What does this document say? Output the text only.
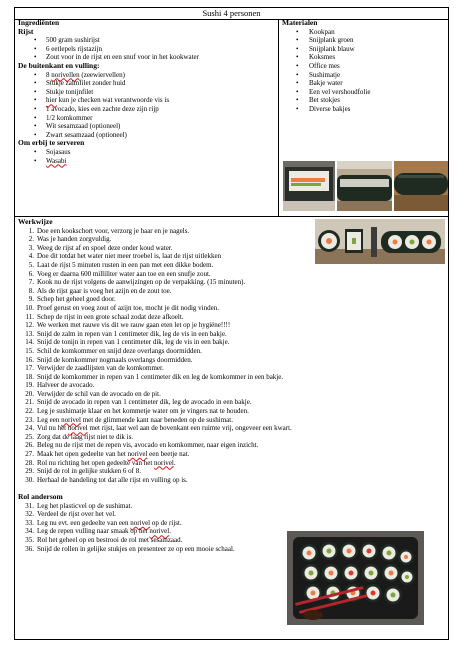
Sushi 4 personen
Ingrediënten
Rijst
• 500 gram sushirijst
• 6 eetlepels rijstazijn
• Zout voor in de rijst en een snuf voor in het kookwater
De buitenkant en vulling:
• 8 norivellen (zeewiervellen)
• Stukje zalmfilet zonder huid
• Stukje tonijnfilet
• hier kun je checken wat verantwoorde vis is
• 1 avocado, kies een zachte deze zijn rijp
• 1/2 komkommer
• Wit sesamzaad (optioneel)
• Zwart sesamzaad (optioneel)
Om erbij te serveren
• Sojasaus
• Wasabi
Materialen
• Kookpan
• Snijplank groen
• Snijplank blauw
• Koksmes
• Office mes
• Sushimatje
• Bakje water
• Een vel vershoudfolie
• Bet stokjes
• Diverse bakjes
Werkwijze
1. Doe een kookschort voor, verzorg je haar en je nagels.
2. Was je handen zorgvuldig.
3. Weeg de rijst af en spoel deze onder koud water.
4. Doe dit totdat het water niet meer troebel is, laat de rijst uitlekken
5. Laat de rijst 5 minuten rusten in een pan met een dikke bodem.
6. Voeg er daarna 600 milliliter water aan toe en een snufje zout.
7. Kook nu de rijst volgens de aanwijzingen op de verpakking. (15 minuten).
8. Als de rijst gaar is voeg het azijn en de zout toe.
9. Schep het geheel goed door.
10. Proef gerust en voeg zout of azijn toe, mocht je dit nodig vinden.
11. Schep de rijst in een grote schaal zodat deze afkoelt.
12. We werken met rauwe vis dit we rauw gaan eten let op je hygiëne!!!!
13. Snijd de zalm in repen van 1 centimeter dik, leg de vis in een bakje.
14. Snijd de tonijn in repen van 1 centimeter dik, leg de vis in een bakje.
15. Schil de komkommer en snijd deze overlangs doormidden.
16. Snijd de komkommer nogmaals overlangs doormidden.
17. Verwijder de zaadlijsten van de komkommer.
18. Snijd de komkommer in repen van 1 centimeter dik en leg de komkommer in een bakje.
19. Halveer de avocado.
20. Verwijder de schil van de avocado en de pit.
21. Snijd de avocado in repen van 1 centimeter dik, leg de avocado in een bakje.
22. Leg je sushimatje klaar en het kommetje water om je vingers nat te houden.
23. Leg een norivel met de glimmende kant naar beneden op de sushimat.
24. Vul nu het norivel met rijst, laat wel aan de bovenkant een ruimte vrij, ongeveer een kwart.
25. Zorg dat de laag rijst niet te dik is.
26. Beleg nu de rijst met de repen vis, avocado en komkommer, naar eigen inzicht.
27. Maak het open gedeelte van het norivel een beetje nat.
28. Rol nu richting het open gedeelte van het norivel.
29. Snijd de rol in gelijke stukken 6 of 8.
30. Herhaal de handeling tot dat alle rijst en vulling op is.
Rol andersom
31. Leg het plasticvel op de sushimat.
32. Verdeel de rijst over het vel.
33. Leg nu evt. een gedeelte van een norivel op de rijst.
34. Leg de repen vulling naar smaak op het norivel.
35. Rol het geheel op en bestrooi de rol met sesamzaad.
36. Snijd de rollen in gelijke stukjes en presenteer ze op een mooie schaal.
